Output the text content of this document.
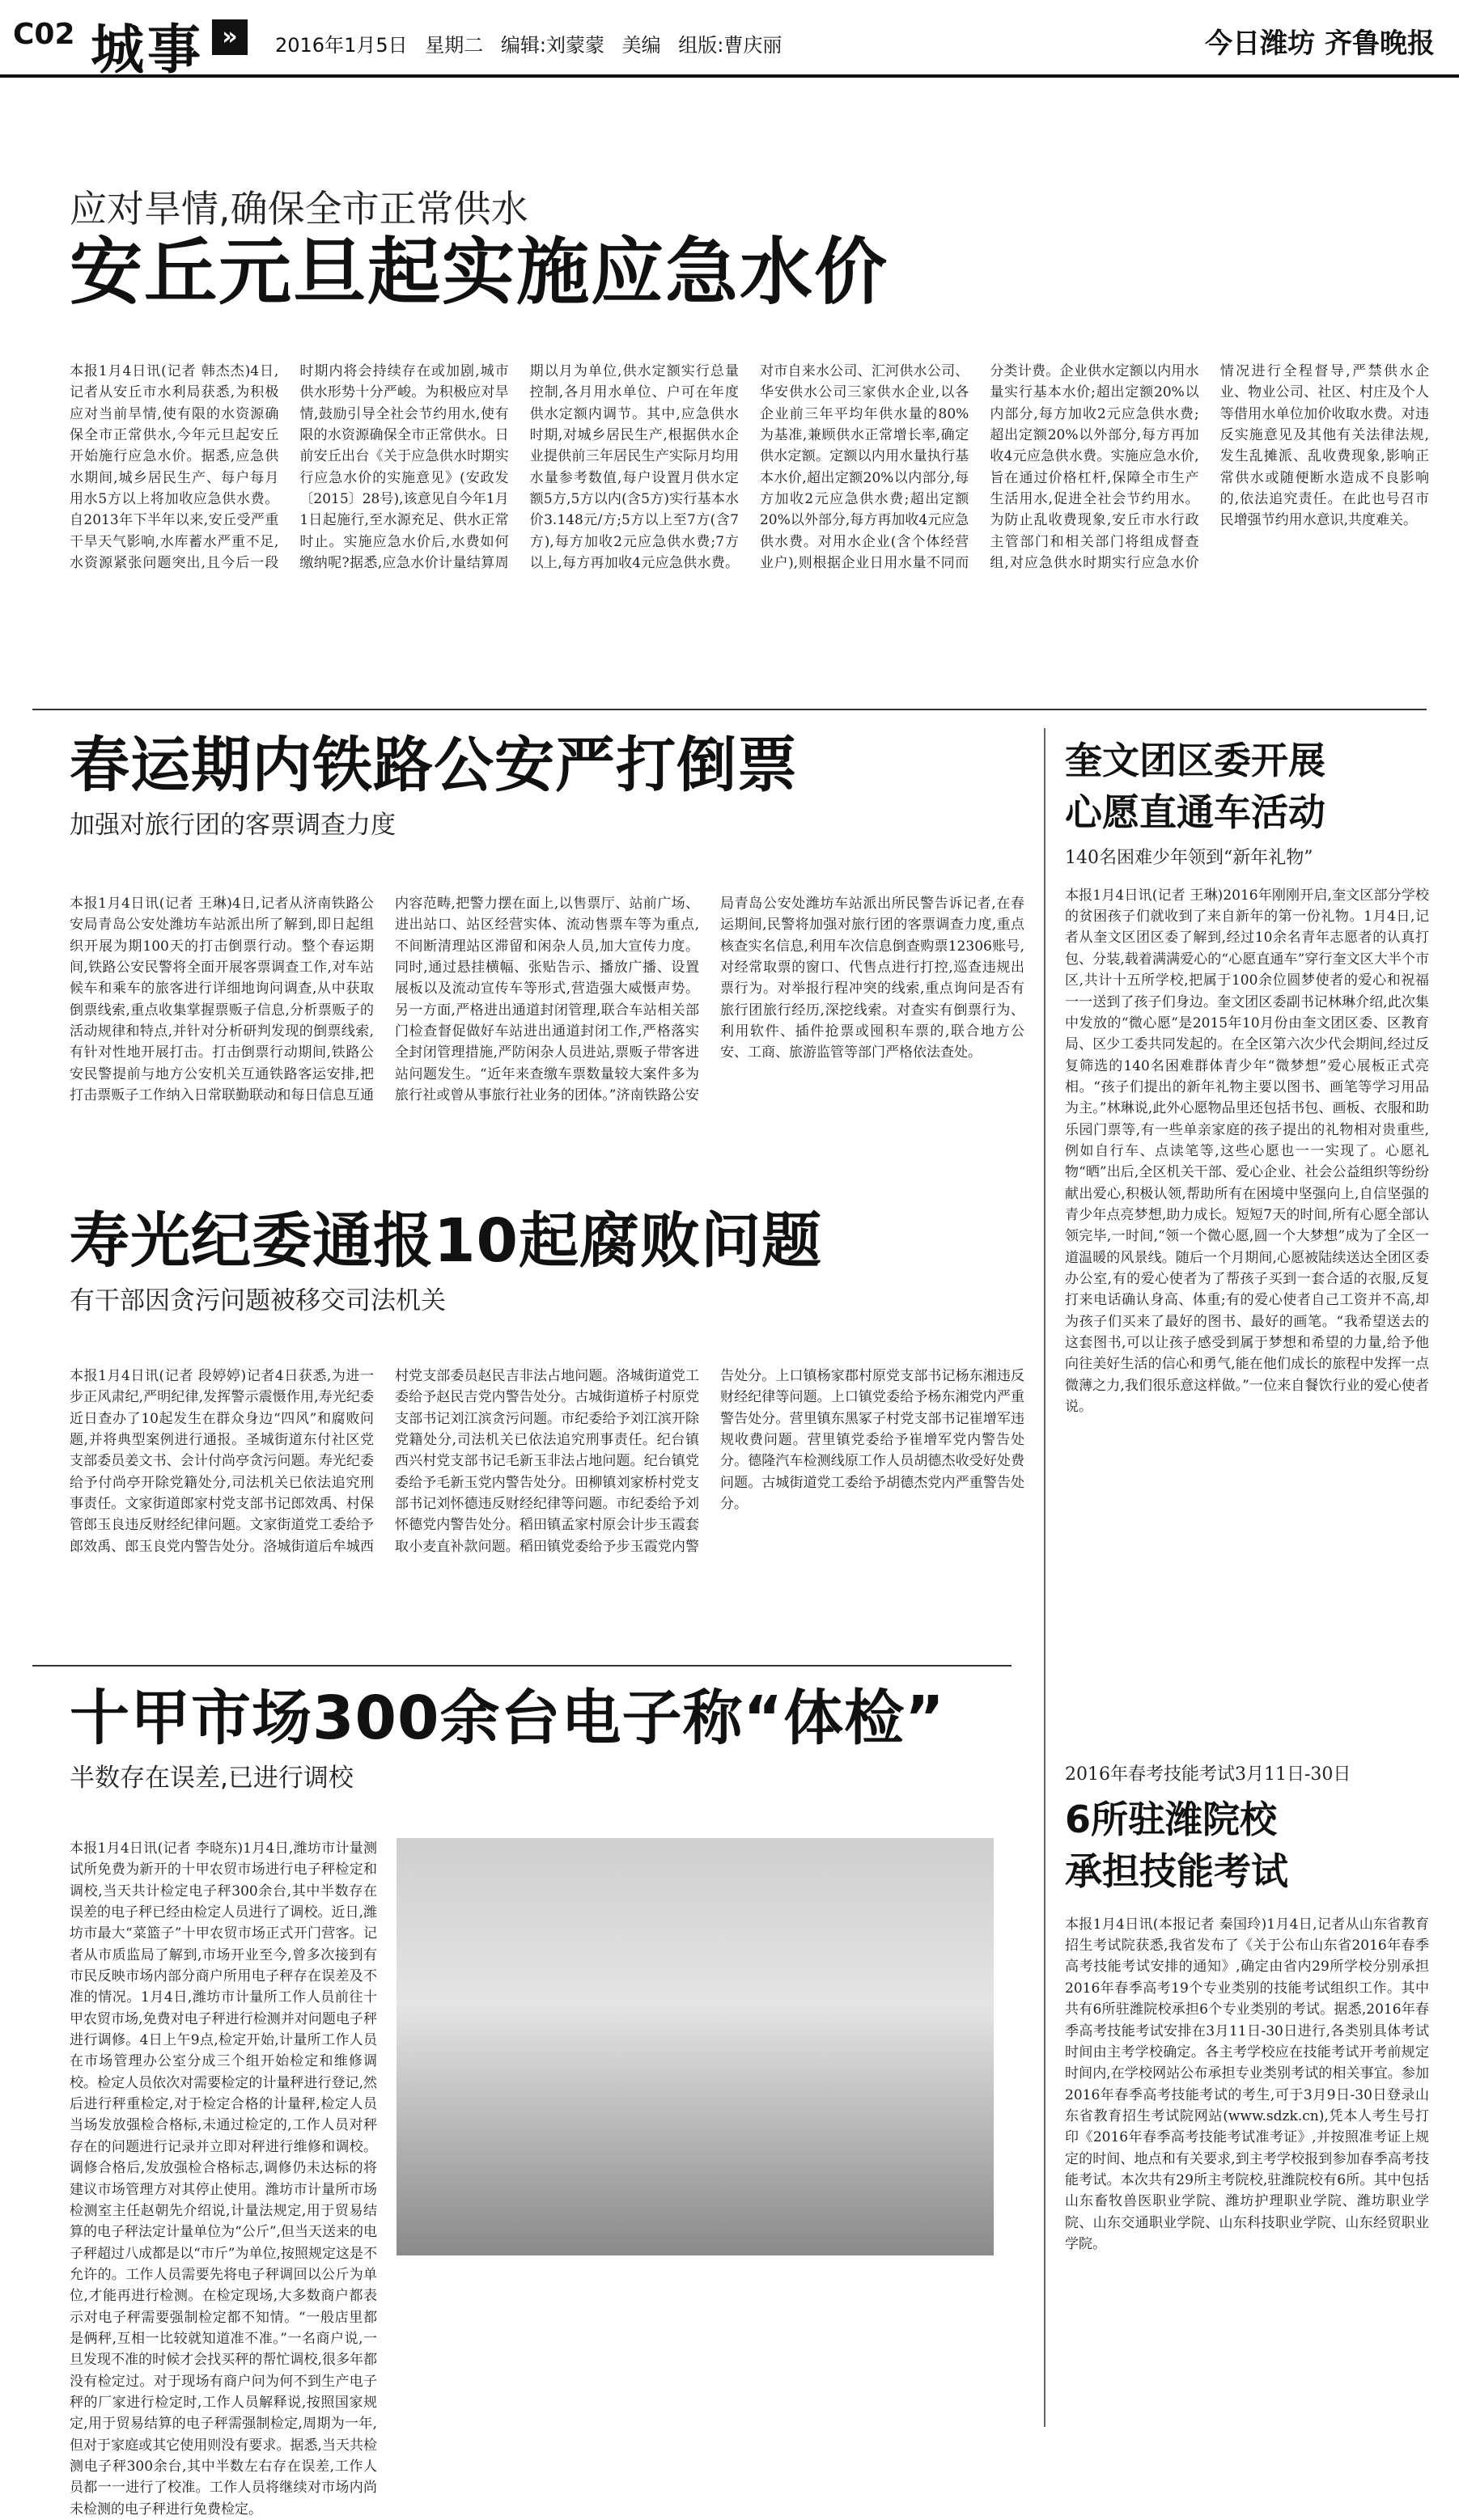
C02 城事 »	2016年1月5日 星期二 编辑:刘蒙蒙 美编 组版:曹庆丽	今日潍坊 齐鲁晚报
应对旱情,确保全市正常供水
安丘元旦起实施应急水价
本报1月4日讯(记者 韩杰杰)4日,记者从安丘市水利局获悉,为积极应对当前旱情,使有限的水资源确保全市正常供水,今年元旦起安丘开始施行应急水价。据悉,应急供水期间,城乡居民生产、每户每月用水5方以上将加收应急供水费。自2013年下半年以来,安丘受严重干旱天气影响,水库蓄水严重不足,水资源紧张问题突出,且今后一段时期内将会持续存在或加剧,城市供水形势十分严峻。为积极应对旱情,鼓励引导全社会节约用水,使有限的水资源确保全市正常供水。日前安丘出台《关于应急供水时期实行应急水价的实施意见》(安政发〔2015〕28号),该意见自今年1月1日起施行,至水源充足、供水正常时止。实施应急水价后,水费如何缴纳呢?据悉,应急水价计量结算周期以月为单位,供水定额实行总量控制,各月用水单位、户可在年度供水定额内调节。其中,应急供水时期,对城乡居民生产,根据供水企业提供前三年居民生产实际月均用水量参考数值,每户设置月供水定额5方,5方以内(含5方)实行基本水价3.148元/方;5方以上至7方(含7方),每方加收2元应急供水费;7方以上,每方再加收4元应急供水费。对市自来水公司、汇河供水公司、华安供水公司三家供水企业,以各企业前三年平均年供水量的80%为基准,兼顾供水正常增长率,确定供水定额。定额以内用水量执行基本水价,超出定额20%以内部分,每方加收2元应急供水费;超出定额20%以外部分,每方再加收4元应急供水费。对用水企业(含个体经营业户),则根据企业日用水量不同而分类计费。企业供水定额以内用水量实行基本水价;超出定额20%以内部分,每方加收2元应急供水费;超出定额20%以外部分,每方再加收4元应急供水费。实施应急水价,旨在通过价格杠杆,保障全市生产生活用水,促进全社会节约用水。为防止乱收费现象,安丘市水行政主管部门和相关部门将组成督查组,对应急供水时期实行应急水价情况进行全程督导,严禁供水企业、物业公司、社区、村庄及个人等借用水单位加价收取水费。对违反实施意见及其他有关法律法规,发生乱摊派、乱收费现象,影响正常供水或随便断水造成不良影响的,依法追究责任。在此也号召市民增强节约用水意识,共度难关。
春运期内铁路公安严打倒票
加强对旅行团的客票调查力度
本报1月4日讯(记者 王琳)4日,记者从济南铁路公安局青岛公安处潍坊车站派出所了解到,即日起组织开展为期100天的打击倒票行动。整个春运期间,铁路公安民警将全面开展客票调查工作,对车站候车和乘车的旅客进行详细地询问调查,从中获取倒票线索,重点收集掌握票贩子信息,分析票贩子的活动规律和特点,并针对分析研判发现的倒票线索,有针对性地开展打击。打击倒票行动期间,铁路公安民警提前与地方公安机关互通铁路客运安排,把打击票贩子工作纳入日常联勤联动和每日信息互通内容范畴,把警力摆在面上,以售票厅、站前广场、进出站口、站区经营实体、流动售票车等为重点,不间断清理站区滞留和闲杂人员,加大宣传力度。同时,通过悬挂横幅、张贴告示、播放广播、设置展板以及流动宣传车等形式,营造强大威慑声势。另一方面,严格进出通道封闭管理,联合车站相关部门检查督促做好车站进出通道封闭工作,严格落实全封闭管理措施,严防闲杂人员进站,票贩子带客进站问题发生。“近年来查缴车票数量较大案件多为旅行社或曾从事旅行社业务的团体。”济南铁路公安局青岛公安处潍坊车站派出所民警告诉记者,在春运期间,民警将加强对旅行团的客票调查力度,重点核查实名信息,利用车次信息倒查购票12306账号,对经常取票的窗口、代售点进行打控,巡查违规出票行为。对举报行程冲突的线索,重点询问是否有旅行团旅行经历,深挖线索。对查实有倒票行为、利用软件、插件抢票或囤积车票的,联合地方公安、工商、旅游监管等部门严格依法查处。
寿光纪委通报10起腐败问题
有干部因贪污问题被移交司法机关
本报1月4日讯(记者 段婷婷)记者4日获悉,为进一步正风肃纪,严明纪律,发挥警示震慑作用,寿光纪委近日查办了10起发生在群众身边“四风”和腐败问题,并将典型案例进行通报。圣城街道东付社区党支部委员姜文书、会计付尚亭贪污问题。寿光纪委给予付尚亭开除党籍处分,司法机关已依法追究刑事责任。文家街道郎家村党支部书记郎效禹、村保管郎玉良违反财经纪律问题。文家街道党工委给予郎效禹、郎玉良党内警告处分。洛城街道后牟城西村党支部委员赵民吉非法占地问题。洛城街道党工委给予赵民吉党内警告处分。古城街道桥子村原党支部书记刘江滨贪污问题。市纪委给予刘江滨开除党籍处分,司法机关已依法追究刑事责任。纪台镇西兴村党支部书记毛新玉非法占地问题。纪台镇党委给予毛新玉党内警告处分。田柳镇刘家桥村党支部书记刘怀德违反财经纪律等问题。市纪委给予刘怀德党内警告处分。稻田镇孟家村原会计步玉霞套取小麦直补款问题。稻田镇党委给予步玉霞党内警告处分。上口镇杨家郡村原党支部书记杨东湘违反财经纪律等问题。上口镇党委给予杨东湘党内严重警告处分。营里镇东黑冢子村党支部书记崔增军违规收费问题。营里镇党委给予崔增军党内警告处分。德隆汽车检测线原工作人员胡德杰收受好处费问题。古城街道党工委给予胡德杰党内严重警告处分。
十甲市场300余台电子称“体检”
半数存在误差,已进行调校
本报1月4日讯(记者 李晓东)1月4日,潍坊市计量测试所免费为新开的十甲农贸市场进行电子秤检定和调校,当天共计检定电子秤300余台,其中半数存在误差的电子秤已经由检定人员进行了调校。近日,潍坊市最大“菜篮子”十甲农贸市场正式开门营客。记者从市质监局了解到,市场开业至今,曾多次接到有市民反映市场内部分商户所用电子秤存在误差及不准的情况。1月4日,潍坊市计量所工作人员前往十甲农贸市场,免费对电子秤进行检测并对问题电子秤进行调修。4日上午9点,检定开始,计量所工作人员在市场管理办公室分成三个组开始检定和维修调校。检定人员依次对需要检定的计量秤进行登记,然后进行秤重检定,对于检定合格的计量秤,检定人员当场发放强检合格标,未通过检定的,工作人员对秤存在的问题进行记录并立即对秤进行维修和调校。调修合格后,发放强检合格标志,调修仍未达标的将建议市场管理方对其停止使用。潍坊市计量所市场检测室主任赵朝先介绍说,计量法规定,用于贸易结算的电子秤法定计量单位为“公斤”,但当天送来的电子秤超过八成都是以“市斤”为单位,按照规定这是不允许的。工作人员需要先将电子秤调回以公斤为单位,才能再进行检测。在检定现场,大多数商户都表示对电子秤需要强制检定都不知情。“一般店里都是俩秤,互相一比较就知道准不准。”一名商户说,一旦发现不准的时候才会找买秤的帮忙调校,很多年都没有检定过。对于现场有商户问为何不到生产电子秤的厂家进行检定时,工作人员解释说,按照国家规定,用于贸易结算的电子秤需强制检定,周期为一年,但对于家庭或其它使用则没有要求。据悉,当天共检测电子秤300余台,其中半数左右存在误差,工作人员都一一进行了校准。工作人员将继续对市场内尚未检测的电子秤进行免费检定。
奎文团区委开展
心愿直通车活动
140名困难少年领到“新年礼物”
本报1月4日讯(记者 王琳)2016年刚刚开启,奎文区部分学校的贫困孩子们就收到了来自新年的第一份礼物。1月4日,记者从奎文区团区委了解到,经过10余名青年志愿者的认真打包、分装,载着满满爱心的“心愿直通车”穿行奎文区大半个市区,共计十五所学校,把属于100余位圆梦使者的爱心和祝福一一送到了孩子们身边。奎文团区委副书记林琳介绍,此次集中发放的“微心愿”是2015年10月份由奎文团区委、区教育局、区少工委共同发起的。在全区第六次少代会期间,经过反复筛选的140名困难群体青少年“微梦想”爱心展板正式亮相。“孩子们提出的新年礼物主要以图书、画笔等学习用品为主。”林琳说,此外心愿物品里还包括书包、画板、衣服和助乐园门票等,有一些单亲家庭的孩子提出的礼物相对贵重些,例如自行车、点读笔等,这些心愿也一一实现了。心愿礼物“晒”出后,全区机关干部、爱心企业、社会公益组织等纷纷献出爱心,积极认领,帮助所有在困境中坚强向上,自信坚强的青少年点亮梦想,助力成长。短短7天的时间,所有心愿全部认领完毕,一时间,“领一个微心愿,圆一个大梦想”成为了全区一道温暖的风景线。随后一个月期间,心愿被陆续送达全团区委办公室,有的爱心使者为了帮孩子买到一套合适的衣服,反复打来电话确认身高、体重;有的爱心使者自己工资并不高,却为孩子们买来了最好的图书、最好的画笔。“我希望送去的这套图书,可以让孩子感受到属于梦想和希望的力量,给予他向往美好生活的信心和勇气,能在他们成长的旅程中发挥一点微薄之力,我们很乐意这样做。”一位来自餐饮行业的爱心使者说。
2016年春考技能考试3月11日-30日
6所驻潍院校
承担技能考试
本报1月4日讯(本报记者 秦国玲)1月4日,记者从山东省教育招生考试院获悉,我省发布了《关于公布山东省2016年春季高考技能考试安排的通知》,确定由省内29所学校分别承担2016年春季高考19个专业类别的技能考试组织工作。其中共有6所驻潍院校承担6个专业类别的考试。据悉,2016年春季高考技能考试安排在3月11日-30日进行,各类别具体考试时间由主考学校确定。各主考学校应在技能考试开考前规定时间内,在学校网站公布承担专业类别考试的相关事宜。参加2016年春季高考技能考试的考生,可于3月9日-30日登录山东省教育招生考试院网站(www.sdzk.cn),凭本人考生号打印《2016年春季高考技能考试准考证》,并按照准考证上规定的时间、地点和有关要求,到主考学校报到参加春季高考技能考试。本次共有29所主考院校,驻潍院校有6所。其中包括山东畜牧兽医职业学院、潍坊护理职业学院、潍坊职业学院、山东交通职业学院、山东科技职业学院、山东经贸职业学院。
